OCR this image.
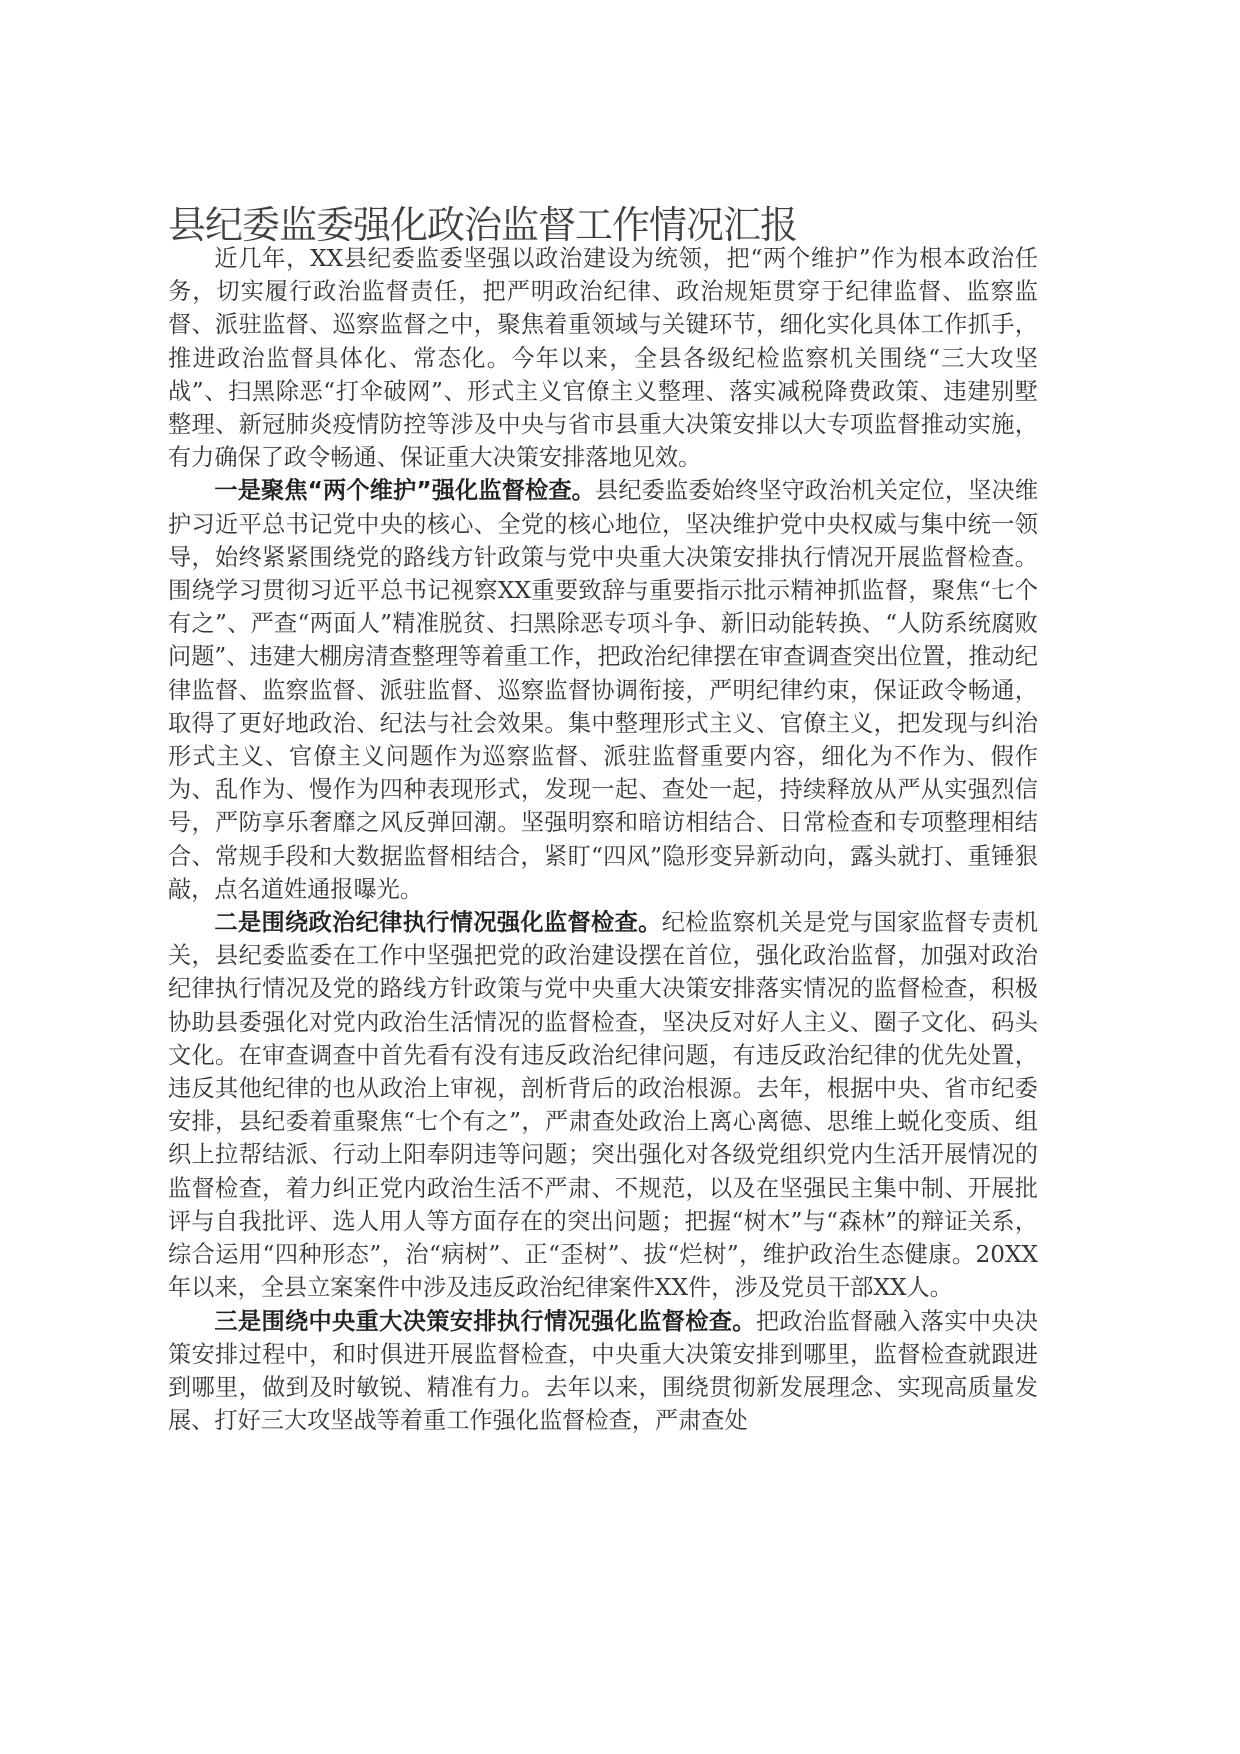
县纪委监委强化政治监督工作情况汇报

近几年，XX县纪委监委坚强以政治建设为统领，把“两个维护”作为根本政治任务，切实履行政治监督责任，把严明政治纪律、政治规矩贯穿于纪律监督、监察监督、派驻监督、巡察监督之中，聚焦着重领域与关键环节，细化实化具体工作抓手，推进政治监督具体化、常态化。今年以来，全县各级纪检监察机关围绕“三大攻坚战”、扫黑除恶“打伞破网”、形式主义官僚主义整理、落实减税降费政策、违建别墅整理、新冠肺炎疫情防控等涉及中央与省市县重大决策安排以大专项监督推动实施，有力确保了政令畅通、保证重大决策安排落地见效。

一是聚焦“两个维护”强化监督检查。县纪委监委始终坚守政治机关定位，坚决维护习近平总书记党中央的核心、全党的核心地位，坚决维护党中央权威与集中统一领导，始终紧紧围绕党的路线方针政策与党中央重大决策安排执行情况开展监督检查。围绕学习贯彻习近平总书记视察XX重要致辞与重要指示批示精神抓监督，聚焦“七个有之”、严查“两面人”精准脱贫、扫黑除恶专项斗争、新旧动能转换、“人防系统腐败问题”、违建大棚房清查整理等着重工作，把政治纪律摆在审查调查突出位置，推动纪律监督、监察监督、派驻监督、巡察监督协调衔接，严明纪律约束，保证政令畅通，取得了更好地政治、纪法与社会效果。集中整理形式主义、官僚主义，把发现与纠治形式主义、官僚主义问题作为巡察监督、派驻监督重要内容，细化为不作为、假作为、乱作为、慢作为四种表现形式，发现一起、查处一起，持续释放从严从实强烈信号，严防享乐奢靡之风反弹回潮。坚强明察和暗访相结合、日常检查和专项整理相结合、常规手段和大数据监督相结合，紧盯“四风”隐形变异新动向，露头就打、重锤狠敲，点名道姓通报曝光。

二是围绕政治纪律执行情况强化监督检查。纪检监察机关是党与国家监督专责机关，县纪委监委在工作中坚强把党的政治建设摆在首位，强化政治监督，加强对政治纪律执行情况及党的路线方针政策与党中央重大决策安排落实情况的监督检查，积极协助县委强化对党内政治生活情况的监督检查，坚决反对好人主义、圈子文化、码头文化。在审查调查中首先看有没有违反政治纪律问题，有违反政治纪律的优先处置，违反其他纪律的也从政治上审视，剖析背后的政治根源。去年，根据中央、省市纪委安排，县纪委着重聚焦“七个有之”，严肃查处政治上离心离德、思维上蜕化变质、组织上拉帮结派、行动上阳奉阴违等问题；突出强化对各级党组织党内生活开展情况的监督检查，着力纠正党内政治生活不严肃、不规范，以及在坚强民主集中制、开展批评与自我批评、选人用人等方面存在的突出问题；把握“树木”与“森林”的辩证关系，综合运用“四种形态”，治“病树”、正“歪树”、拔“烂树”，维护政治生态健康。20XX年以来，全县立案案件中涉及违反政治纪律案件XX件，涉及党员干部XX人。

三是围绕中央重大决策安排执行情况强化监督检查。把政治监督融入落实中央决策安排过程中，和时俱进开展监督检查，中央重大决策安排到哪里，监督检查就跟进到哪里，做到及时敏锐、精准有力。去年以来，围绕贯彻新发展理念、实现高质量发展、打好三大攻坚战等着重工作强化监督检查，严肃查处
